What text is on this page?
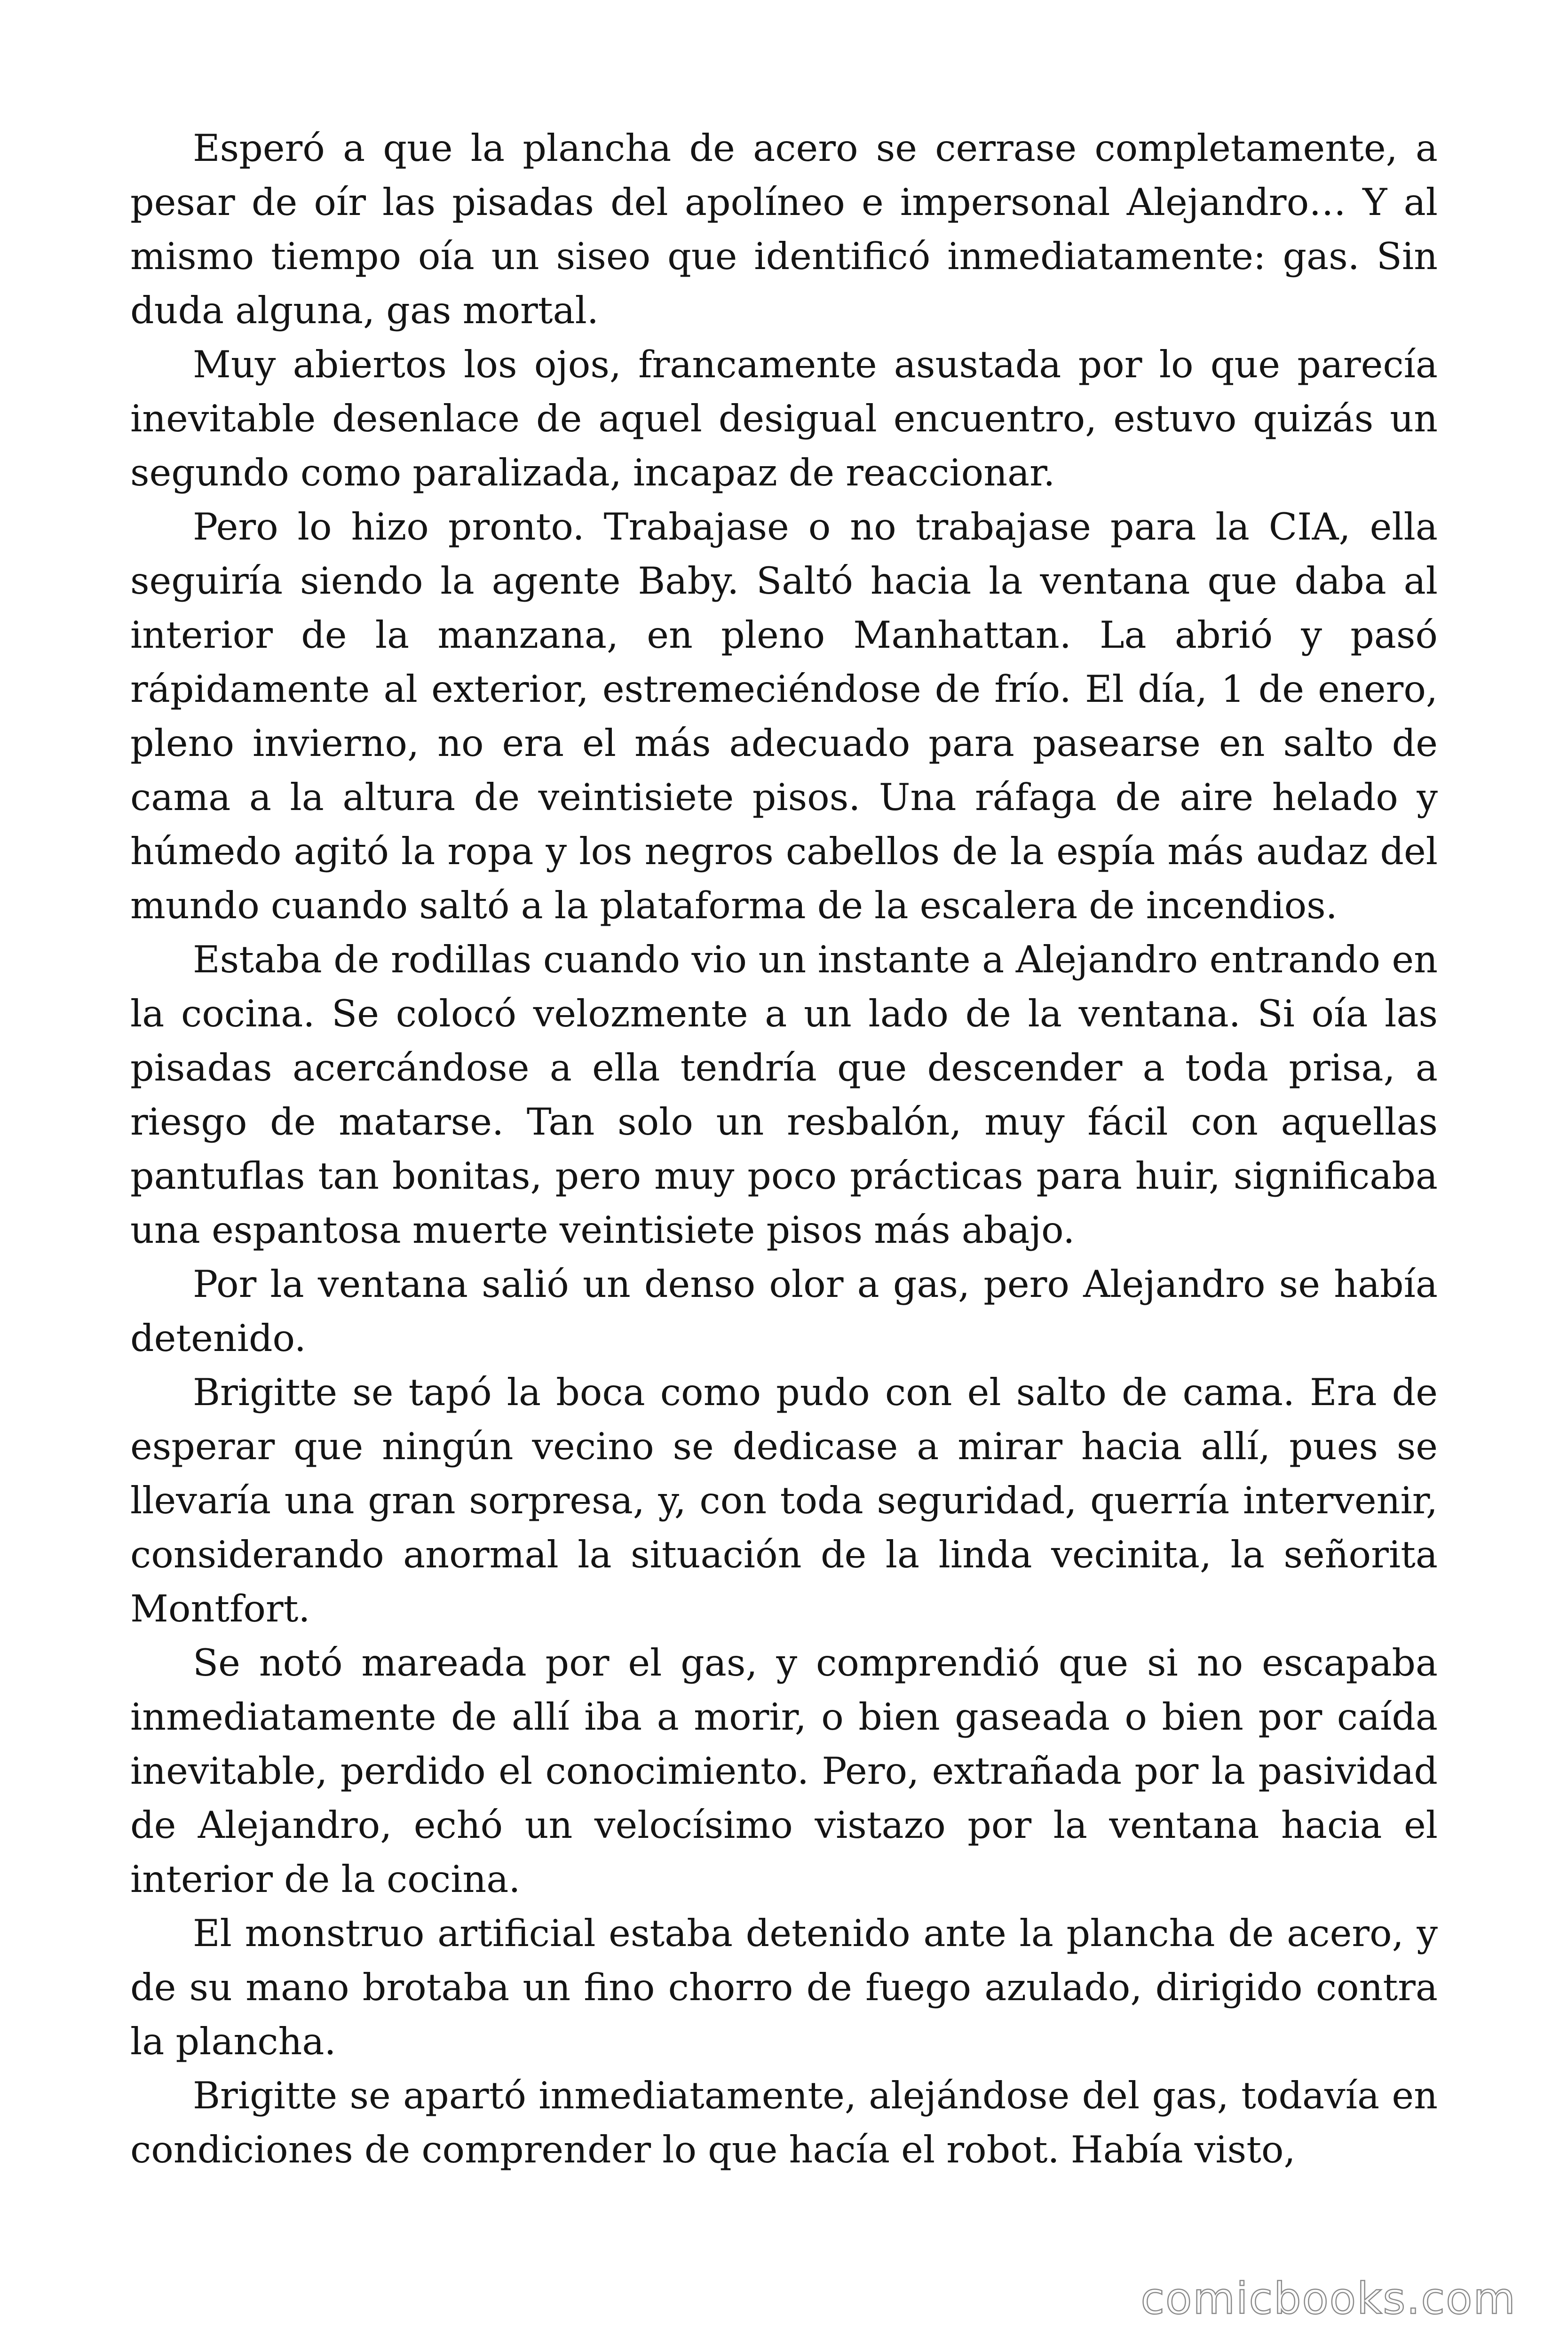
Esperó a que la plancha de acero se cerrase completamente, a pesar de oír las pisadas del apolíneo e impersonal Alejandro… Y al mismo tiempo oía un siseo que identificó inmediatamente: gas. Sin duda alguna, gas mortal.

Muy abiertos los ojos, francamente asustada por lo que parecía inevitable desenlace de aquel desigual encuentro, estuvo quizás un segundo como paralizada, incapaz de reaccionar.

Pero lo hizo pronto. Trabajase o no trabajase para la CIA, ella seguiría siendo la agente Baby. Saltó hacia la ventana que daba al interior de la manzana, en pleno Manhattan. La abrió y pasó rápidamente al exterior, estremeciéndose de frío. El día, 1 de enero, pleno invierno, no era el más adecuado para pasearse en salto de cama a la altura de veintisiete pisos. Una ráfaga de aire helado y húmedo agitó la ropa y los negros cabellos de la espía más audaz del mundo cuando saltó a la plataforma de la escalera de incendios.

Estaba de rodillas cuando vio un instante a Alejandro entrando en la cocina. Se colocó velozmente a un lado de la ventana. Si oía las pisadas acercándose a ella tendría que descender a toda prisa, a riesgo de matarse. Tan solo un resbalón, muy fácil con aquellas pantuflas tan bonitas, pero muy poco prácticas para huir, significaba una espantosa muerte veintisiete pisos más abajo.

Por la ventana salió un denso olor a gas, pero Alejandro se había detenido.

Brigitte se tapó la boca como pudo con el salto de cama. Era de esperar que ningún vecino se dedicase a mirar hacia allí, pues se llevaría una gran sorpresa, y, con toda seguridad, querría intervenir, considerando anormal la situación de la linda vecinita, la señorita Montfort.

Se notó mareada por el gas, y comprendió que si no escapaba inmediatamente de allí iba a morir, o bien gaseada o bien por caída inevitable, perdido el conocimiento. Pero, extrañada por la pasividad de Alejandro, echó un velocísimo vistazo por la ventana hacia el interior de la cocina.

El monstruo artificial estaba detenido ante la plancha de acero, y de su mano brotaba un fino chorro de fuego azulado, dirigido contra la plancha.

Brigitte se apartó inmediatamente, alejándose del gas, todavía en condiciones de comprender lo que hacía el robot. Había visto,

comicbooks.com
